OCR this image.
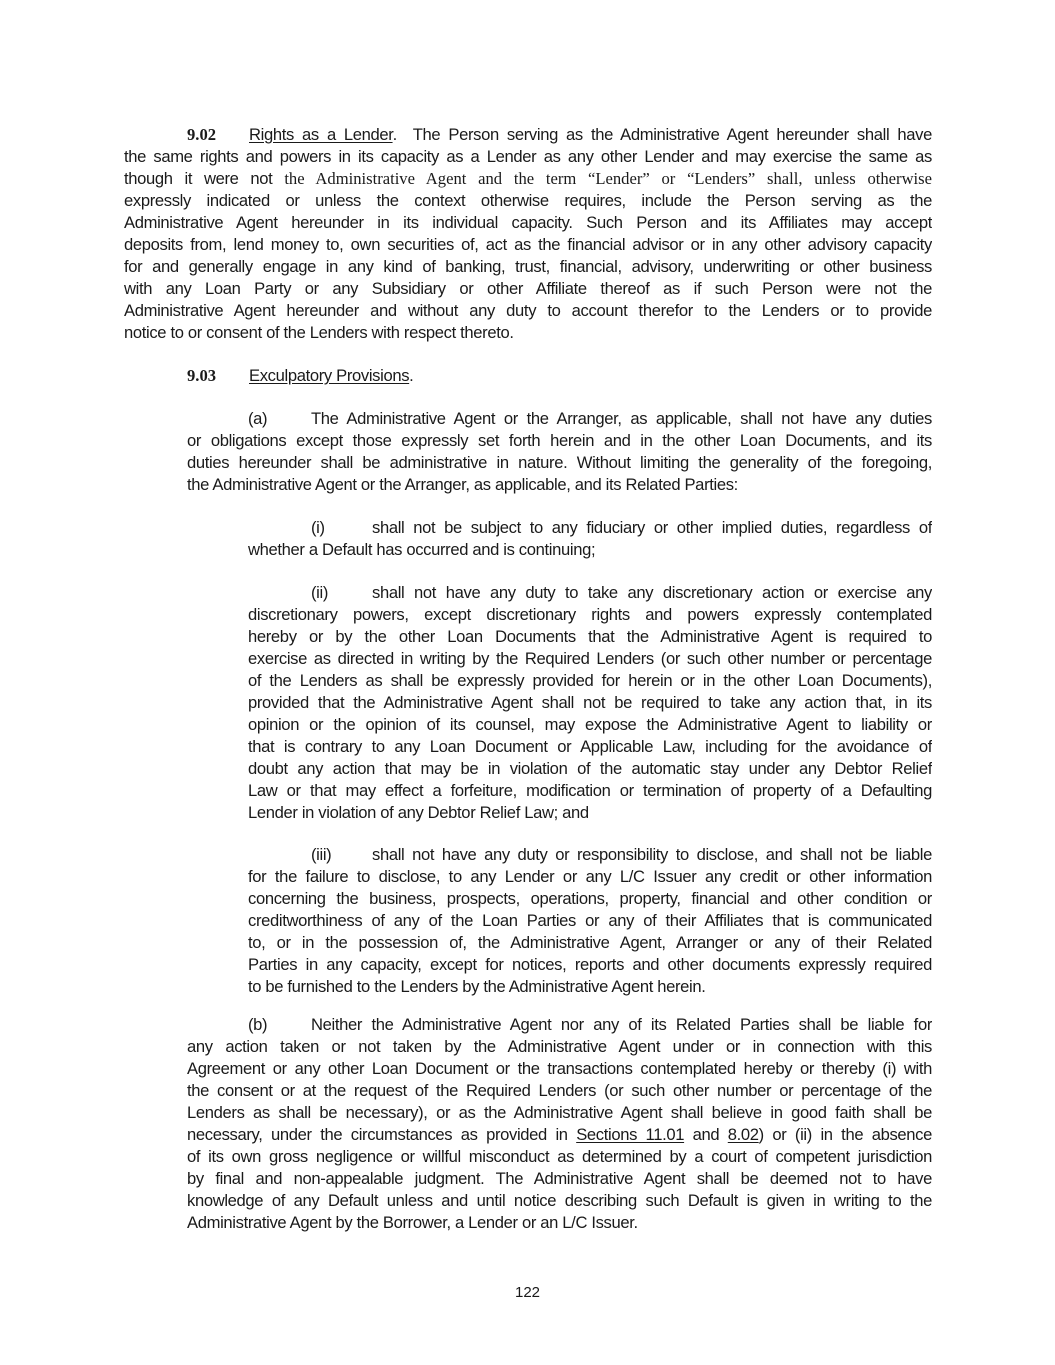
9.02 Rights as a Lender. The Person serving as the Administrative Agent hereunder shall have
the same rights and powers in its capacity as a Lender as any other Lender and may exercise the same as
though it were not the Administrative Agent and the term “Lender” or “Lenders” shall, unless otherwise
expressly indicated or unless the context otherwise requires, include the Person serving as the
Administrative Agent hereunder in its individual capacity. Such Person and its Affiliates may accept
deposits from, lend money to, own securities of, act as the financial advisor or in any other advisory capacity
for and generally engage in any kind of banking, trust, financial, advisory, underwriting or other business
with any Loan Party or any Subsidiary or other Affiliate thereof as if such Person were not the
Administrative Agent hereunder and without any duty to account therefor to the Lenders or to provide
notice to or consent of the Lenders with respect thereto.
9.03 Exculpatory Provisions.
(a)	The Administrative Agent or the Arranger, as applicable, shall not have any duties
or obligations except those expressly set forth herein and in the other Loan Documents, and its
duties hereunder shall be administrative in nature. Without limiting the generality of the foregoing,
the Administrative Agent or the Arranger, as applicable, and its Related Parties:
(i)	shall not be subject to any fiduciary or other implied duties, regardless of
whether a Default has occurred and is continuing;
(ii)	shall not have any duty to take any discretionary action or exercise any
discretionary powers, except discretionary rights and powers expressly contemplated
hereby or by the other Loan Documents that the Administrative Agent is required to
exercise as directed in writing by the Required Lenders (or such other number or percentage
of the Lenders as shall be expressly provided for herein or in the other Loan Documents),
provided that the Administrative Agent shall not be required to take any action that, in its
opinion or the opinion of its counsel, may expose the Administrative Agent to liability or
that is contrary to any Loan Document or Applicable Law, including for the avoidance of
doubt any action that may be in violation of the automatic stay under any Debtor Relief
Law or that may effect a forfeiture, modification or termination of property of a Defaulting
Lender in violation of any Debtor Relief Law; and
(iii) shall not have any duty or responsibility to disclose, and shall not be liable
for the failure to disclose, to any Lender or any L/C Issuer any credit or other information
concerning the business, prospects, operations, property, financial and other condition or
creditworthiness of any of the Loan Parties or any of their Affiliates that is communicated
to, or in the possession of, the Administrative Agent, Arranger or any of their Related
Parties in any capacity, except for notices, reports and other documents expressly required
to be furnished to the Lenders by the Administrative Agent herein.
(b)	Neither the Administrative Agent nor any of its Related Parties shall be liable for
any action taken or not taken by the Administrative Agent under or in connection with this
Agreement or any other Loan Document or the transactions contemplated hereby or thereby (i) with
the consent or at the request of the Required Lenders (or such other number or percentage of the
Lenders as shall be necessary), or as the Administrative Agent shall believe in good faith shall be
necessary, under the circumstances as provided in Sections 11.01 and 8.02) or (ii) in the absence
of its own gross negligence or willful misconduct as determined by a court of competent jurisdiction
by final and non-appealable judgment. The Administrative Agent shall be deemed not to have
knowledge of any Default unless and until notice describing such Default is given in writing to the
Administrative Agent by the Borrower, a Lender or an L/C Issuer.
122
